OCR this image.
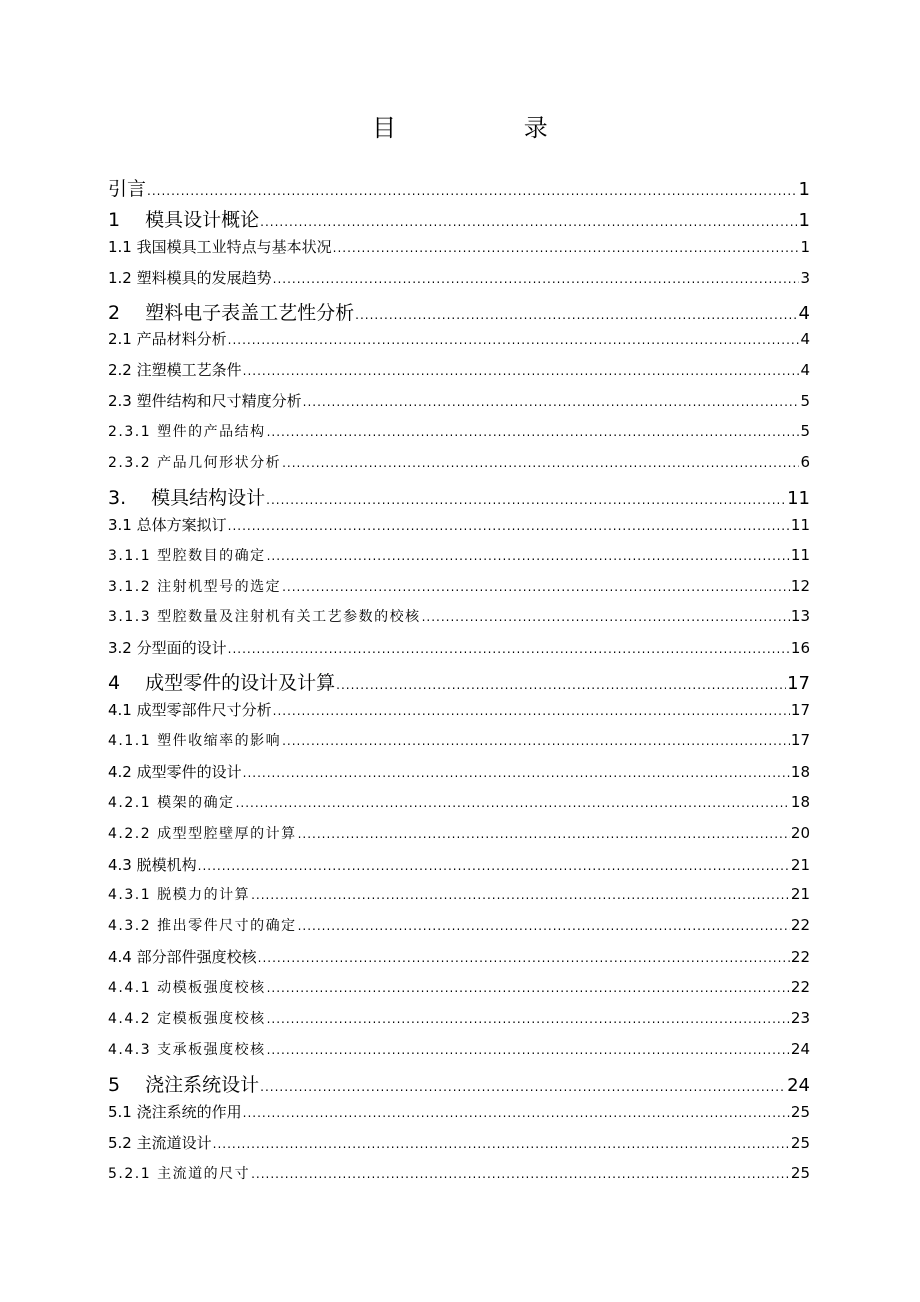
目 录
引言 .....	1
1　 模具设计概论 .....	1
1.1 我国模具工业特点与基本状况 .....	1
1.2 塑料模具的发展趋势 .....	3
2　 塑料电子表盖工艺性分析 .....	4
2.1 产品材料分析 .....	4
2.2 注塑模工艺条件 .....	4
2.3 塑件结构和尺寸精度分析 .....	5
2.3.1 塑件的产品结构 .....	5
2.3.2 产品几何形状分析 .....	6
3.　 模具结构设计 .....	11
3.1 总体方案拟订 .....	11
3.1.1 型腔数目的确定 .....	11
3.1.2 注射机型号的选定 .....	12
3.1.3 型腔数量及注射机有关工艺参数的校核 .....	13
3.2 分型面的设计 .....	16
4　 成型零件的设计及计算 .....	17
4.1 成型零部件尺寸分析 .....	17
4.1.1 塑件收缩率的影响 .....	17
4.2 成型零件的设计 .....	18
4.2.1 模架的确定 .....	18
4.2.2 成型型腔壁厚的计算 .....	20
4.3 脱模机构 .....	21
4.3.1 脱模力的计算 .....	21
4.3.2 推出零件尺寸的确定 .....	22
4.4 部分部件强度校核 .....	22
4.4.1 动模板强度校核 .....	22
4.4.2 定模板强度校核 .....	23
4.4.3 支承板强度校核 .....	24
5　 浇注系统设计 .....	24
5.1 浇注系统的作用 .....	25
5.2 主流道设计 .....	25
5.2.1 主流道的尺寸 .....	25
